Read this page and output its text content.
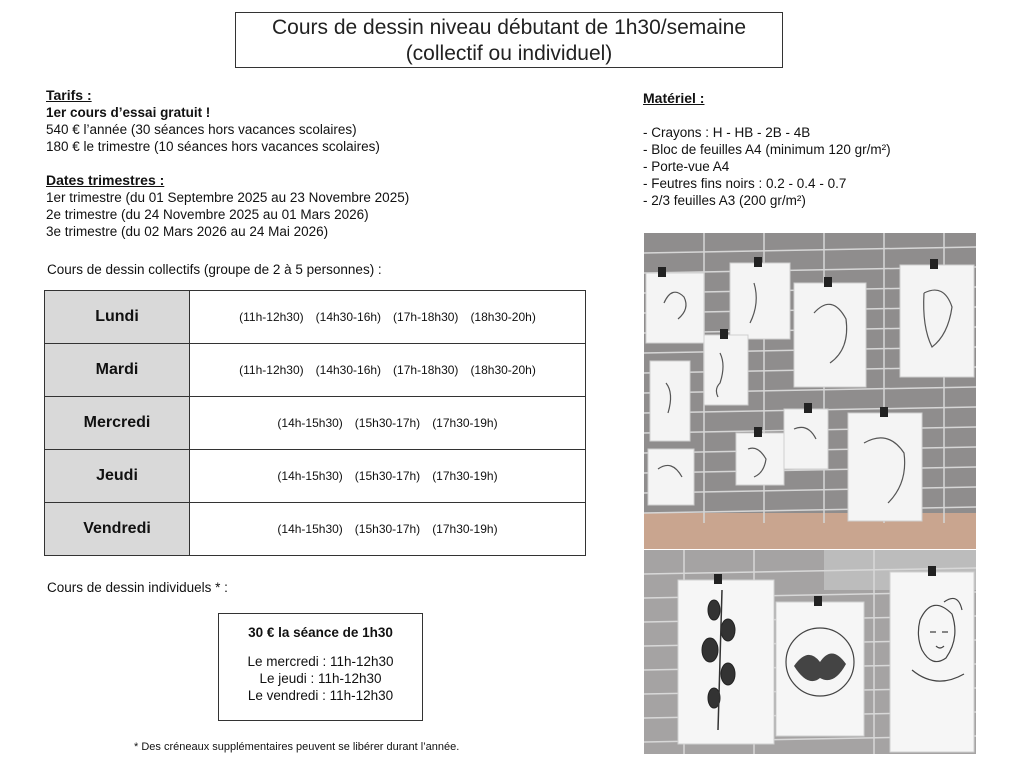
Cours de dessin niveau débutant de 1h30/semaine
(collectif ou individuel)
Tarifs :
1er cours d’essai gratuit !
540 € l’année (30 séances hors vacances scolaires)
180 € le trimestre (10 séances hors vacances scolaires)
Dates trimestres :
1er trimestre (du 01 Septembre 2025 au 23 Novembre 2025)
2e trimestre (du 24 Novembre 2025 au 01 Mars 2026)
3e trimestre (du 02 Mars 2026 au 24 Mai 2026)
Cours de dessin collectifs (groupe de 2 à 5 personnes) :
Lundi	(11h-12h30) (14h30-16h) (17h-18h30) (18h30-20h)
Mardi	(11h-12h30) (14h30-16h) (17h-18h30) (18h30-20h)
Mercredi	(14h-15h30) (15h30-17h) (17h30-19h)
Jeudi	(14h-15h30) (15h30-17h) (17h30-19h)
Vendredi	(14h-15h30) (15h30-17h) (17h30-19h)
Cours de dessin individuels * :
30 € la séance de 1h30
Le mercredi : 11h-12h30
Le jeudi : 11h-12h30
Le vendredi : 11h-12h30
* Des créneaux supplémentaires peuvent se libérer durant l’année.
Matériel :
- Crayons : H - HB - 2B - 4B
- Bloc de feuilles A4 (minimum 120 gr/m²)
- Porte-vue A4
- Feutres fins noirs : 0.2 - 0.4 - 0.7
- 2/3 feuilles A3 (200 gr/m²)
